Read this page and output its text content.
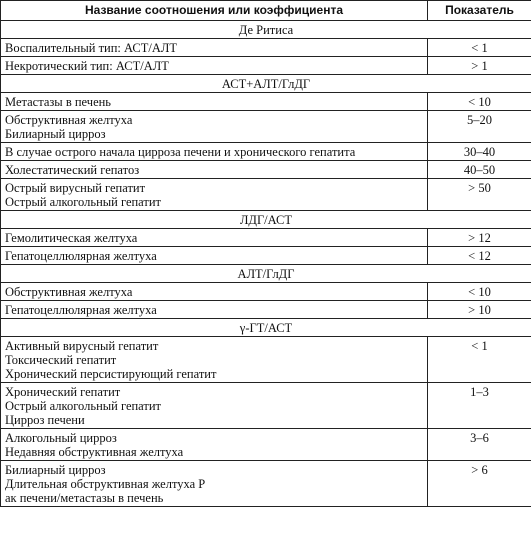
Название соотношения или коэффициента	Показатель
Де Ритиса	

Воспалительный тип: АСТ/АЛТ	< 1

Некротический тип: АСТ/АЛТ	> 1
АСТ+АЛТ/ГлДГ	

Метастазы в печень	< 10

Обструктивная желтуха
Билиарный цирроз	5–20

В случае острого начала цирроза печени и хронического гепатита	30–40

Холестатический гепатоз	40–50

Острый вирусный гепатит
Острый алкогольный гепатит	> 50
ЛДГ/АСТ	

Гемолитическая желтуха	> 12

Гепатоцеллюлярная желтуха	< 12
АЛТ/ГлДГ	

Обструктивная желтуха	< 10

Гепатоцеллюлярная желтуха	> 10
γ-ГТ/АСТ	

Активный вирусный гепатит
Токсический гепатит
Хронический персистирующий гепатит	< 1

Хронический гепатит
Острый алкогольный гепатит
Цирроз печени	1–3

Алкогольный цирроз
Недавняя обструктивная желтуха	3–6

Билиарный цирроз
Длительная обструктивная желтуха Р
ак печени/метастазы в печень	> 6
